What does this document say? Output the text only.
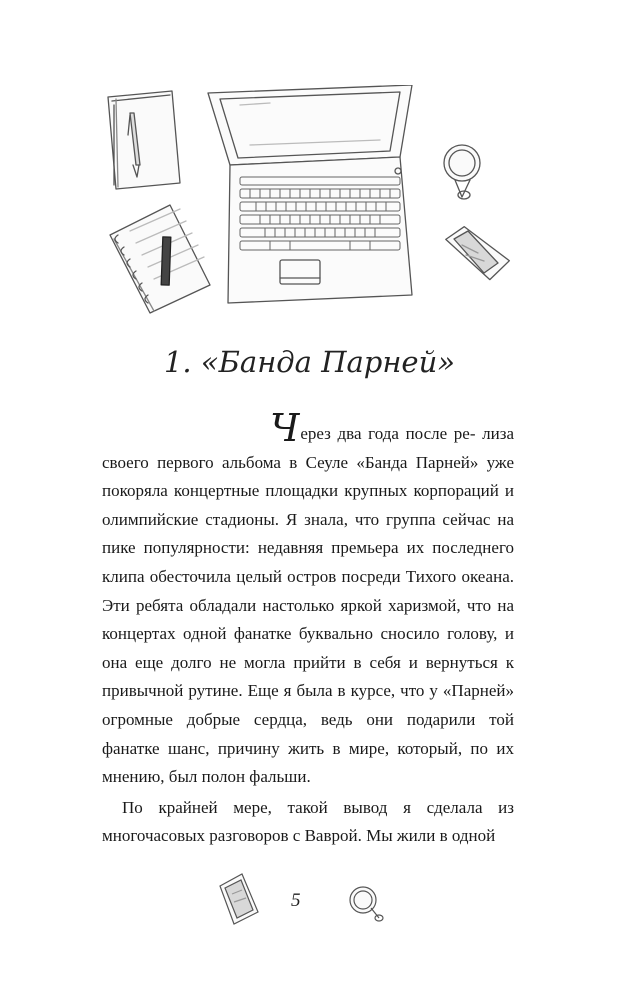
1. «Банда Парней»

Через два года после ре- лиза своего первого альбома в Сеуле «Банда Парней» уже покоряла концертные площадки крупных корпораций и олимпийские стадионы. Я знала, что группа сейчас на пике популярности: недавняя премьера их последнего клипа обесточила целый остров посреди Тихого океана. Эти ребята обладали настолько яркой харизмой, что на концертах одной фанатке буквально сносило голову, и она еще долго не могла прийти в себя и вернуться к привычной рутине. Еще я была в курсе, что у «Парней» огромные добрые сердца, ведь они подарили той фанатке шанс, причину жить в мире, который, по их мнению, был полон фальши.

По крайней мере, такой вывод я сделала из многочасовых разговоров с Ваврой. Мы жили в одной

5
